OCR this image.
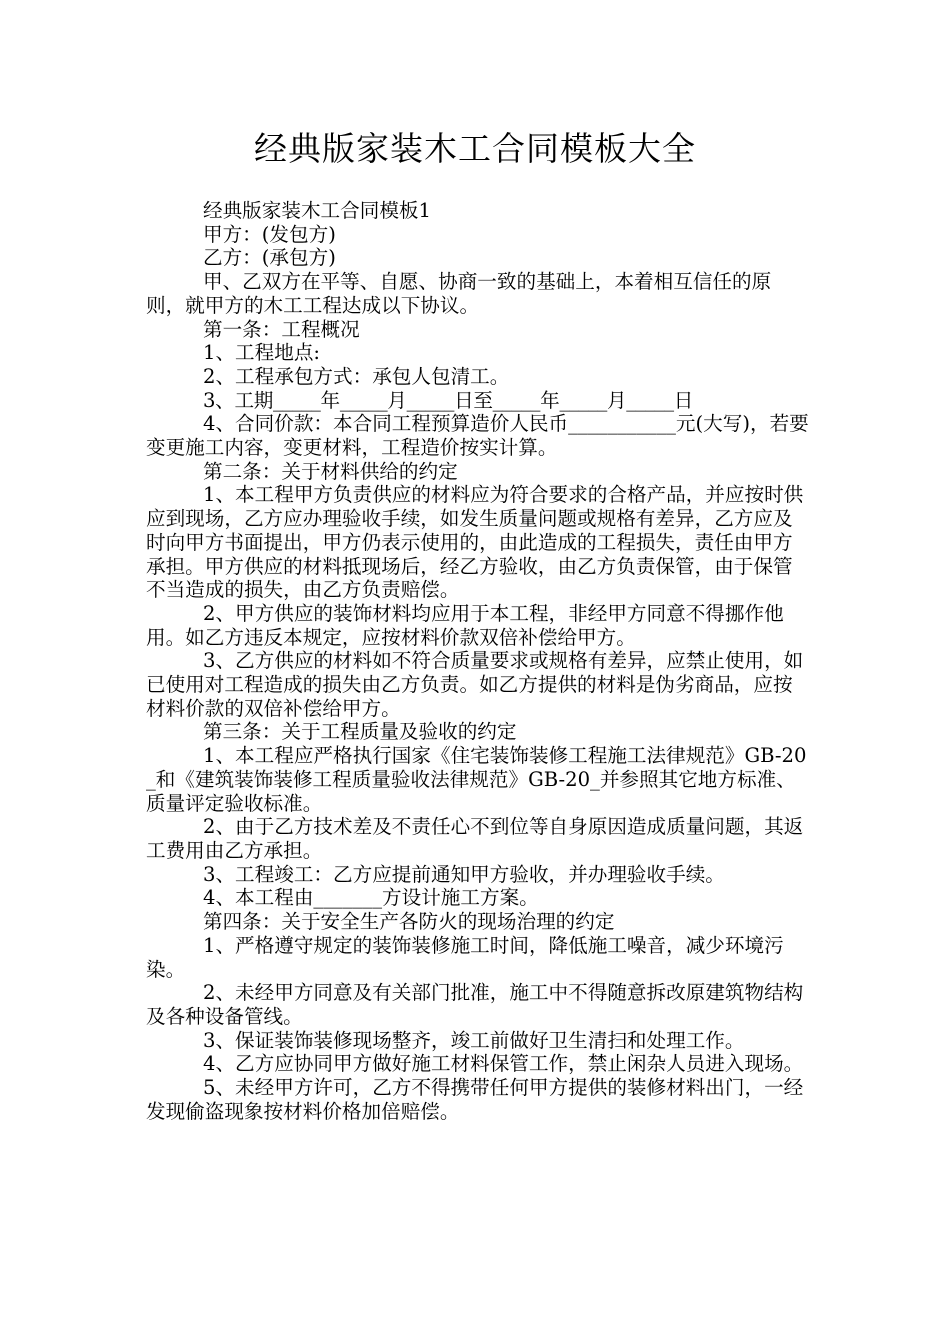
经典版家装木工合同模板大全

经典版家装木工合同模板1

甲方：(发包方)

乙方：(承包方)

甲、乙双方在平等、自愿、协商一致的基础上，本着相互信任的原则，就甲方的木工工程达成以下协议。

第一条：工程概况

1、工程地点:

2、工程承包方式：承包人包清工。

3、工期_____年_____月_____日至_____年_____月_____日

4、合同价款：本合同工程预算造价人民币___________元(大写)，若要变更施工内容，变更材料，工程造价按实计算。

第二条：关于材料供给的约定

1、本工程甲方负责供应的材料应为符合要求的合格产品，并应按时供应到现场，乙方应办理验收手续，如发生质量问题或规格有差异，乙方应及时向甲方书面提出，甲方仍表示使用的，由此造成的工程损失，责任由甲方承担。甲方供应的材料抵现场后，经乙方验收，由乙方负责保管，由于保管不当造成的损失，由乙方负责赔偿。

2、甲方供应的装饰材料均应用于本工程，非经甲方同意不得挪作他用。如乙方违反本规定，应按材料价款双倍补偿给甲方。

3、乙方供应的材料如不符合质量要求或规格有差异，应禁止使用，如已使用对工程造成的损失由乙方负责。如乙方提供的材料是伪劣商品，应按材料价款的双倍补偿给甲方。

第三条：关于工程质量及验收的约定

1、本工程应严格执行国家《住宅装饰装修工程施工法律规范》GB-20_和《建筑装饰装修工程质量验收法律规范》GB-20_并参照其它地方标准、质量评定验收标准。

2、由于乙方技术差及不责任心不到位等自身原因造成质量问题，其返工费用由乙方承担。

3、工程竣工：乙方应提前通知甲方验收，并办理验收手续。

4、本工程由_______方设计施工方案。

第四条：关于安全生产各防火的现场治理的约定

1、严格遵守规定的装饰装修施工时间，降低施工噪音，减少环境污染。

2、未经甲方同意及有关部门批准，施工中不得随意拆改原建筑物结构及各种设备管线。

3、保证装饰装修现场整齐，竣工前做好卫生清扫和处理工作。

4、乙方应协同甲方做好施工材料保管工作，禁止闲杂人员进入现场。

5、未经甲方许可，乙方不得携带任何甲方提供的装修材料出门，一经发现偷盗现象按材料价格加倍赔偿。
